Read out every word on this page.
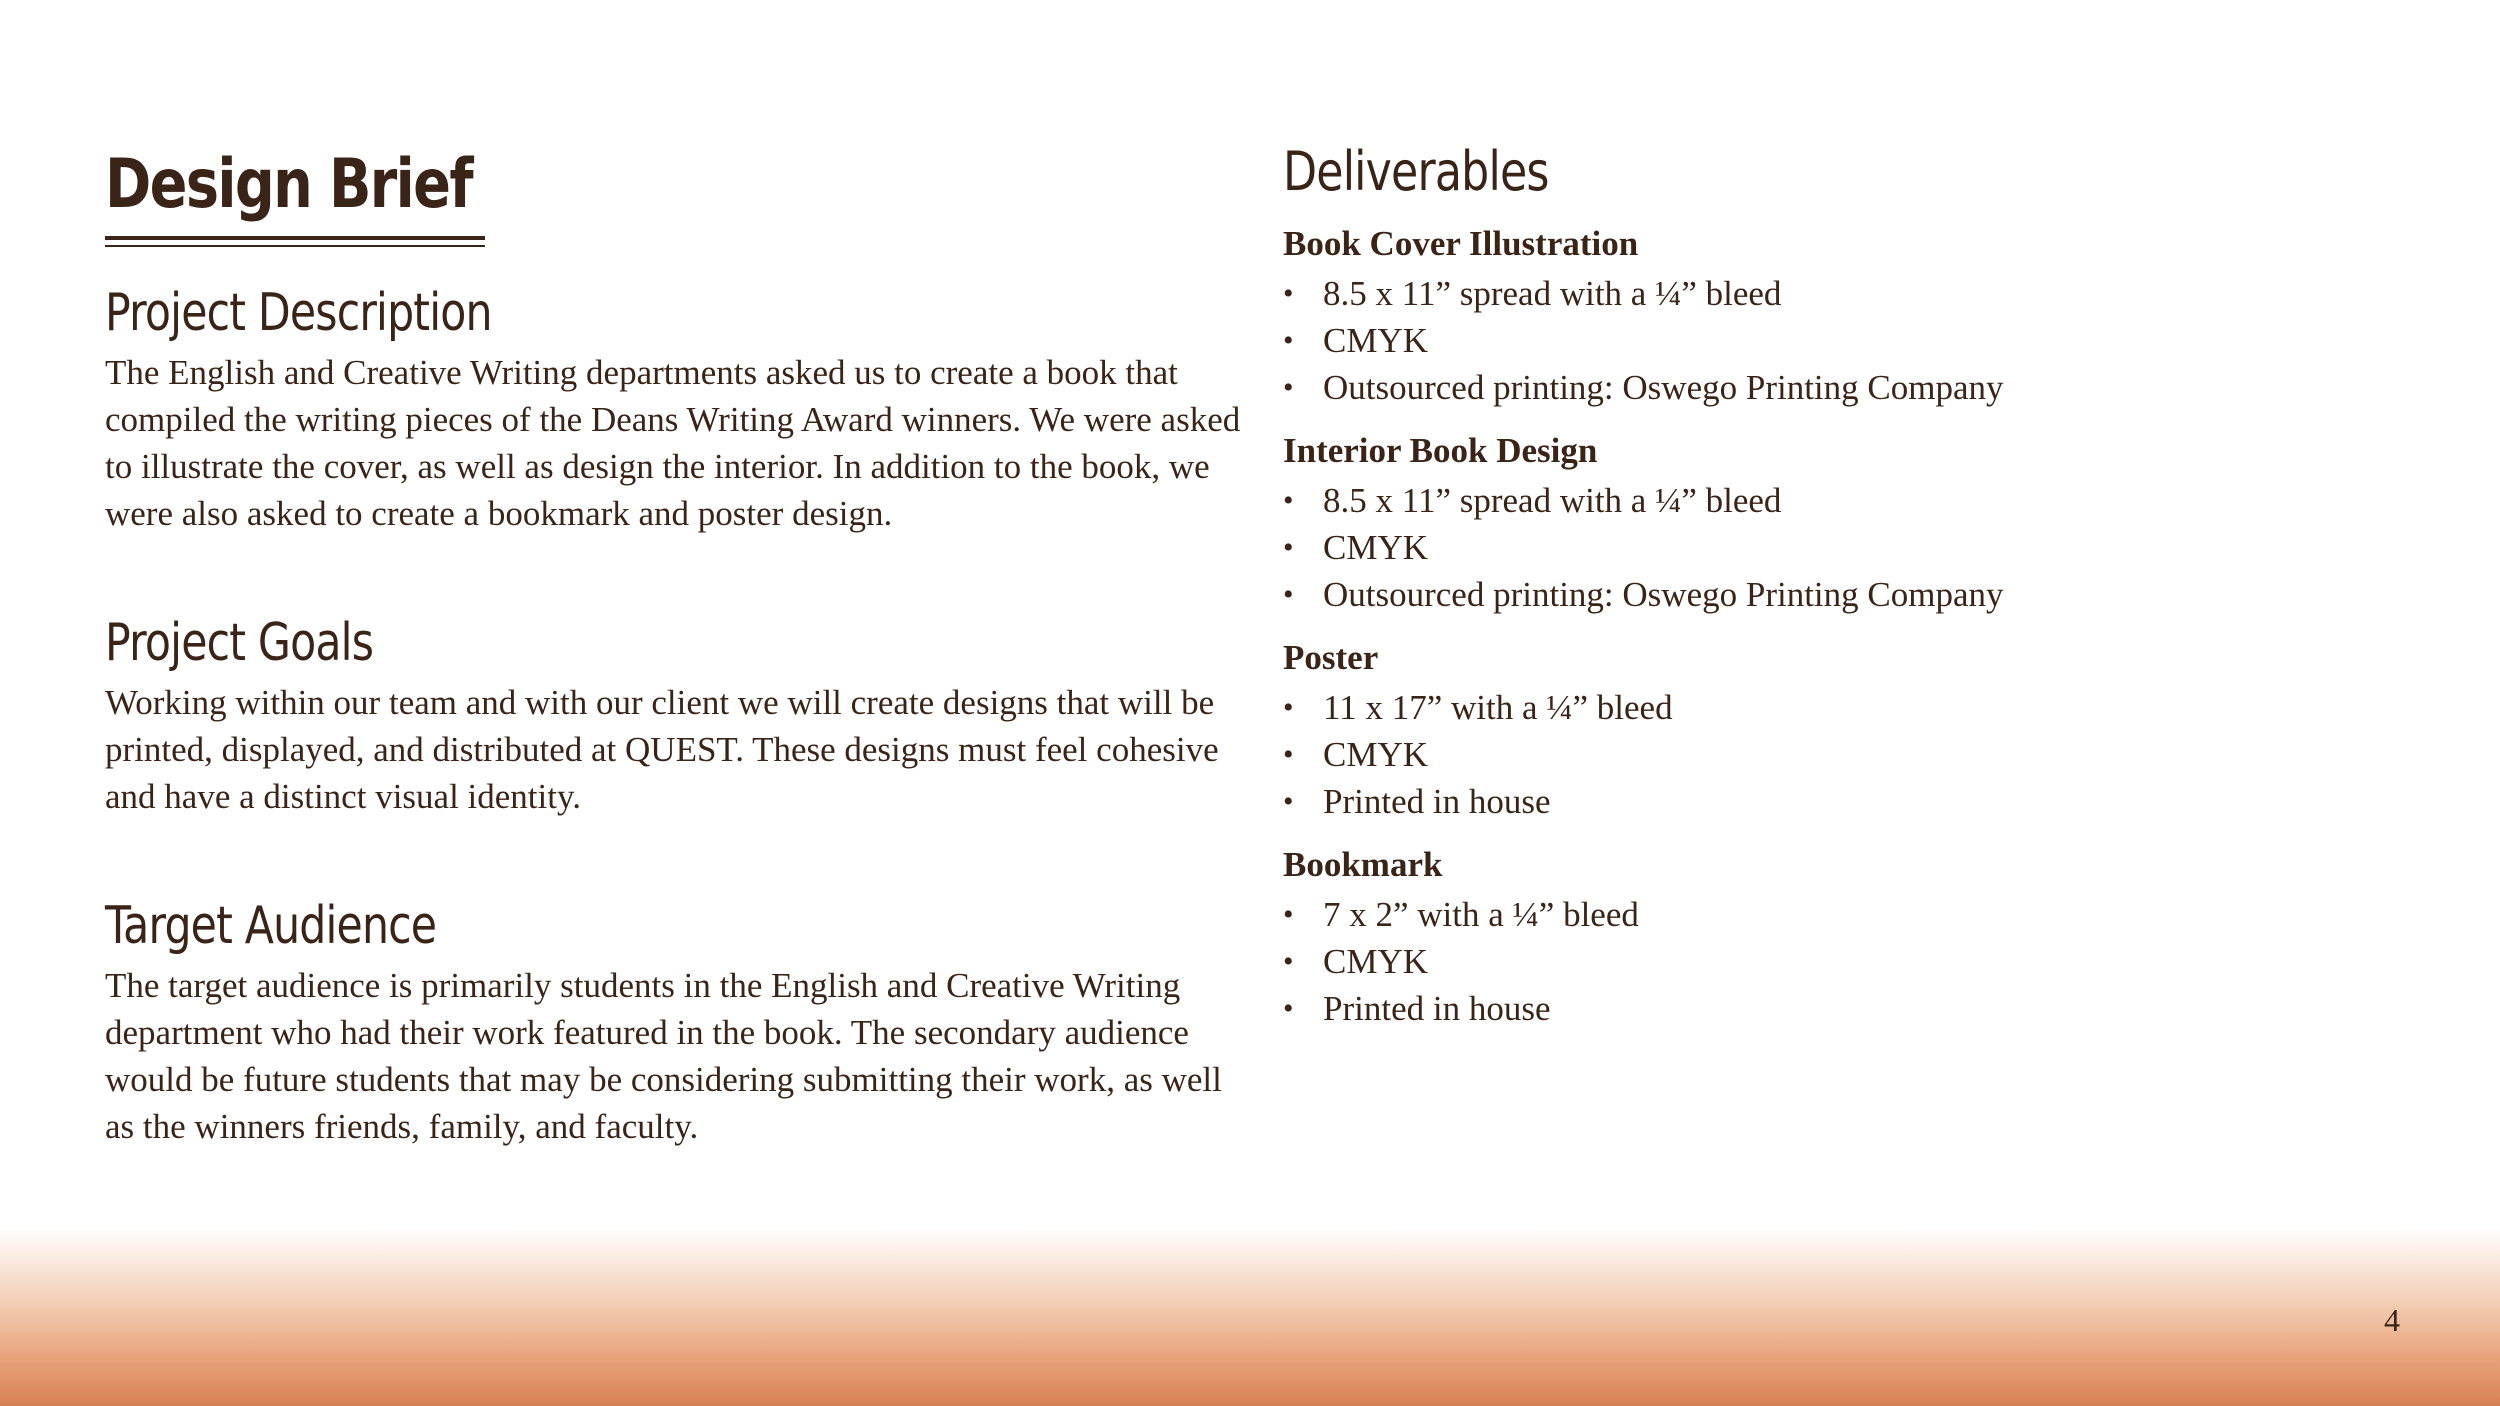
Design Brief
Project Description

The English and Creative Writing departments asked us to create a book that compiled the writing pieces of the Deans Writing Award winners. We were asked to illustrate the cover, as well as design the interior. In addition to the book, we were also asked to create a bookmark and poster design.

Project Goals

Working within our team and with our client we will create designs that will be printed, displayed, and distributed at QUEST. These designs must feel cohesive and have a distinct visual identity.

Target Audience

The target audience is primarily students in the English and Creative Writing department who had their work featured in the book. The secondary audience would be future students that may be considering submitting their work, as well as the winners friends, family, and faculty.

Deliverables
Book Cover Illustration
• 8.5 x 11” spread with a ¼” bleed
• CMYK
• Outsourced printing: Oswego Printing Company
Interior Book Design
• 8.5 x 11” spread with a ¼” bleed
• CMYK
• Outsourced printing: Oswego Printing Company
Poster
• 11 x 17” with a ¼” bleed
• CMYK
• Printed in house
Bookmark
• 7 x 2” with a ¼” bleed
• CMYK
• Printed in house
4
